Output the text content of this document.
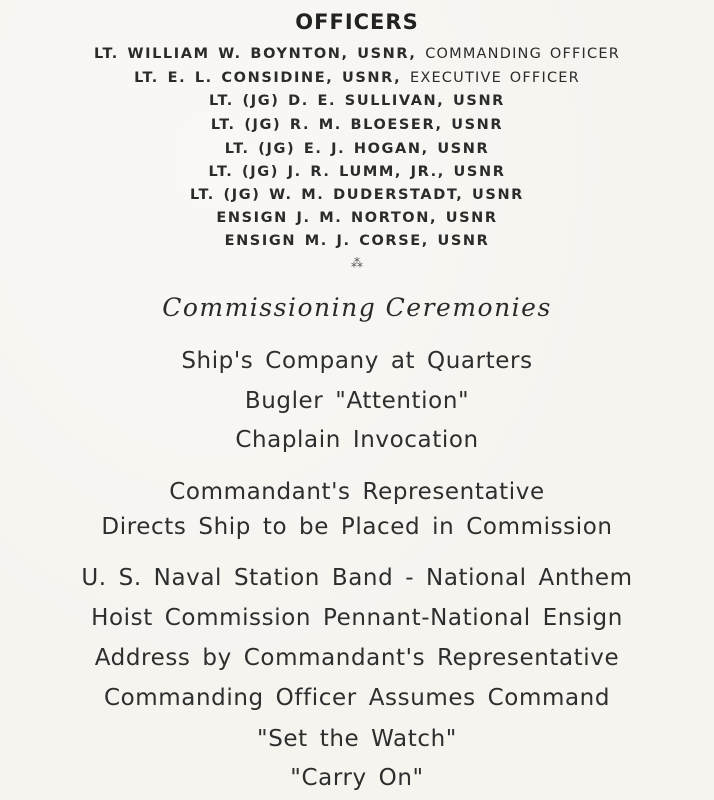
OFFICERS
LT. WILLIAM W. BOYNTON, USNR, COMMANDING OFFICER
LT. E. L. CONSIDINE, USNR, EXECUTIVE OFFICER
LT. (JG) D. E. SULLIVAN, USNR
LT. (JG) R. M. BLOESER, USNR
LT. (JG) E. J. HOGAN, USNR
LT. (JG) J. R. LUMM, JR., USNR
LT. (JG) W. M. DUDERSTADT, USNR
ENSIGN J. M. NORTON, USNR
ENSIGN M. J. CORSE, USNR
⁂
Commissioning Ceremonies
Ship's Company at Quarters
Bugler "Attention"
Chaplain Invocation
Commandant's Representative
Directs Ship to be Placed in Commission
U. S. Naval Station Band - National Anthem
Hoist Commission Pennant-National Ensign
Address by Commandant's Representative
Commanding Officer Assumes Command
"Set the Watch"
"Carry On"
